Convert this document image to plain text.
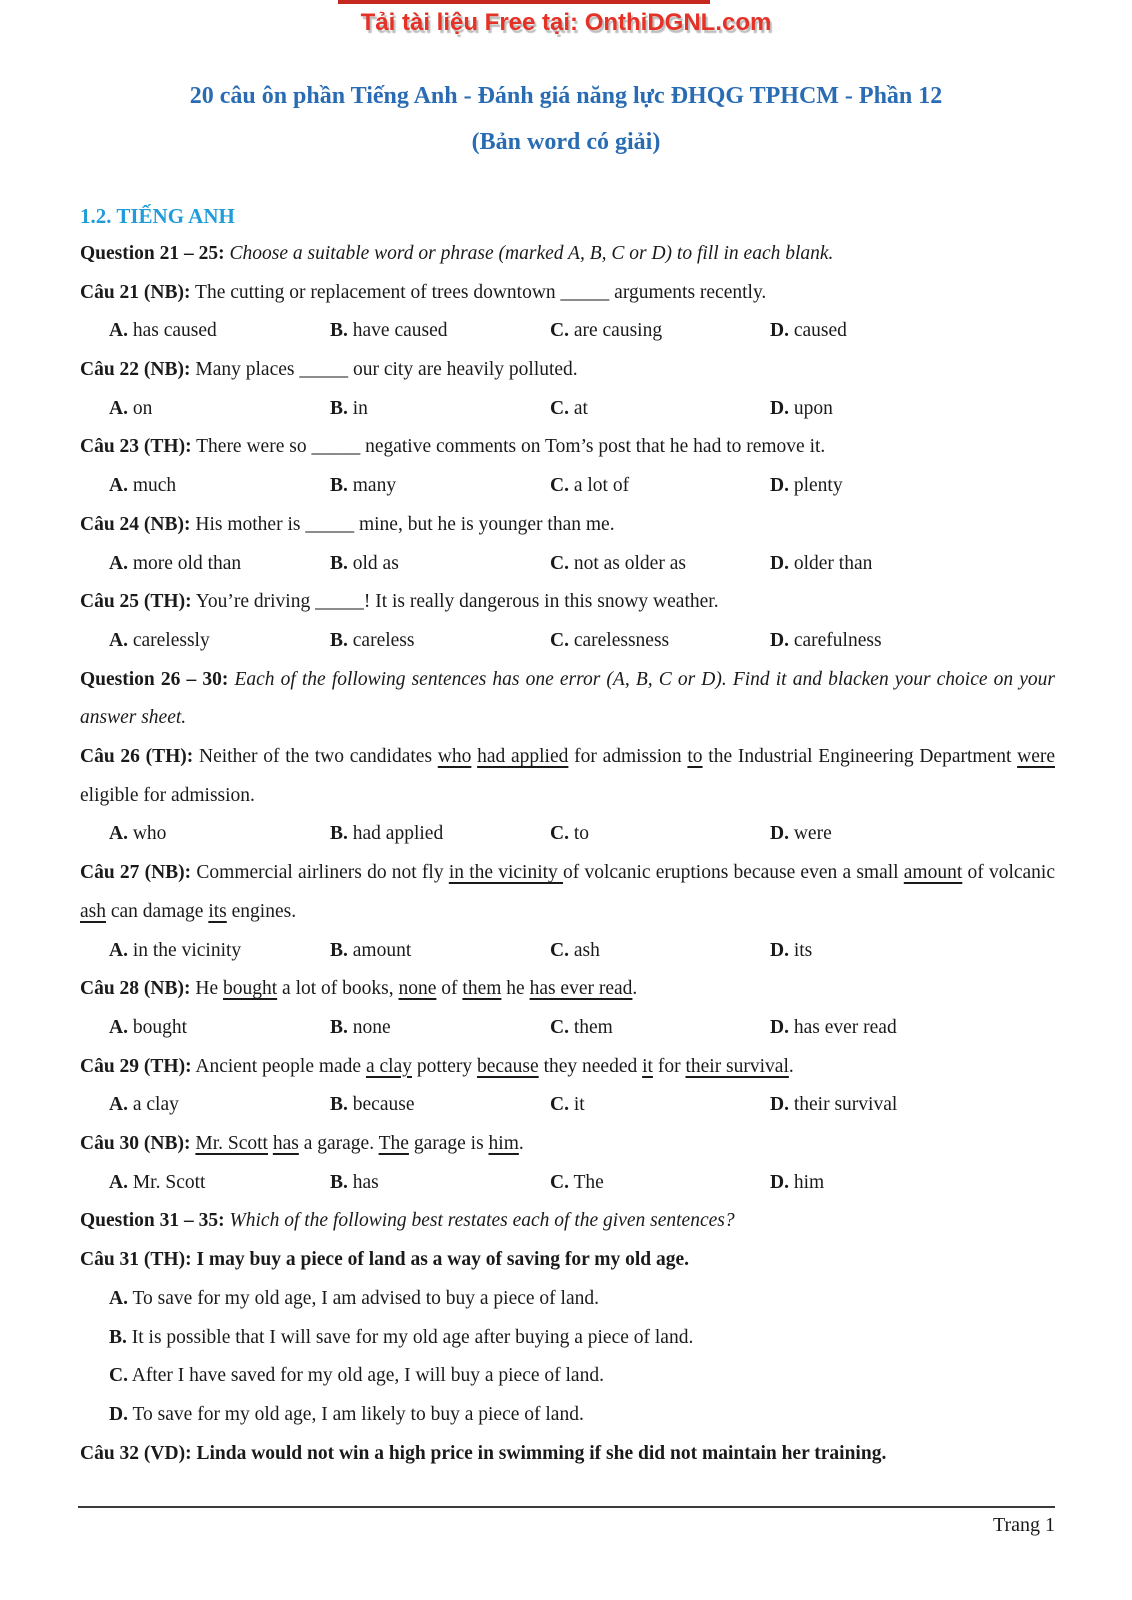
Tải tài liệu Free tại: OnthiDGNL.com
20 câu ôn phần Tiếng Anh - Đánh giá năng lực ĐHQG TPHCM - Phần 12
(Bản word có giải)
1.2. TIẾNG ANH

Question 21 – 25: Choose a suitable word or phrase (marked A, B, C or D) to fill in each blank.

Câu 21 (NB): The cutting or replacement of trees downtown _____ arguments recently.

A. has caused	B. have caused	C. are causing	D. caused

Câu 22 (NB): Many places _____ our city are heavily polluted.

A. on	B. in	C. at	D. upon

Câu 23 (TH): There were so _____ negative comments on Tom’s post that he had to remove it.

A. much	B. many	C. a lot of	D. plenty

Câu 24 (NB): His mother is _____ mine, but he is younger than me.

A. more old than	B. old as	C. not as older as	D. older than

Câu 25 (TH): You’re driving _____! It is really dangerous in this snowy weather.

A. carelessly	B. careless	C. carelessness	D. carefulness

Question 26 – 30: Each of the following sentences has one error (A, B, C or D). Find it and blacken your choice on your answer sheet.

Câu 26 (TH): Neither of the two candidates who had applied for admission to the Industrial Engineering Department were eligible for admission.

A. who	B. had applied	C. to	D. were

Câu 27 (NB): Commercial airliners do not fly in the vicinity of volcanic eruptions because even a small amount of volcanic ash can damage its engines.

A. in the vicinity	B. amount	C. ash	D. its

Câu 28 (NB): He bought a lot of books, none of them he has ever read.

A. bought	B. none	C. them	D. has ever read

Câu 29 (TH): Ancient people made a clay pottery because they needed it for their survival.

A. a clay	B. because	C. it	D. their survival

Câu 30 (NB): Mr. Scott has a garage. The garage is him.

A. Mr. Scott	B. has	C. The	D. him

Question 31 – 35: Which of the following best restates each of the given sentences?

Câu 31 (TH): I may buy a piece of land as a way of saving for my old age.

A. To save for my old age, I am advised to buy a piece of land.

B. It is possible that I will save for my old age after buying a piece of land.

C. After I have saved for my old age, I will buy a piece of land.

D. To save for my old age, I am likely to buy a piece of land.

Câu 32 (VD): Linda would not win a high price in swimming if she did not maintain her training.

Trang 1
